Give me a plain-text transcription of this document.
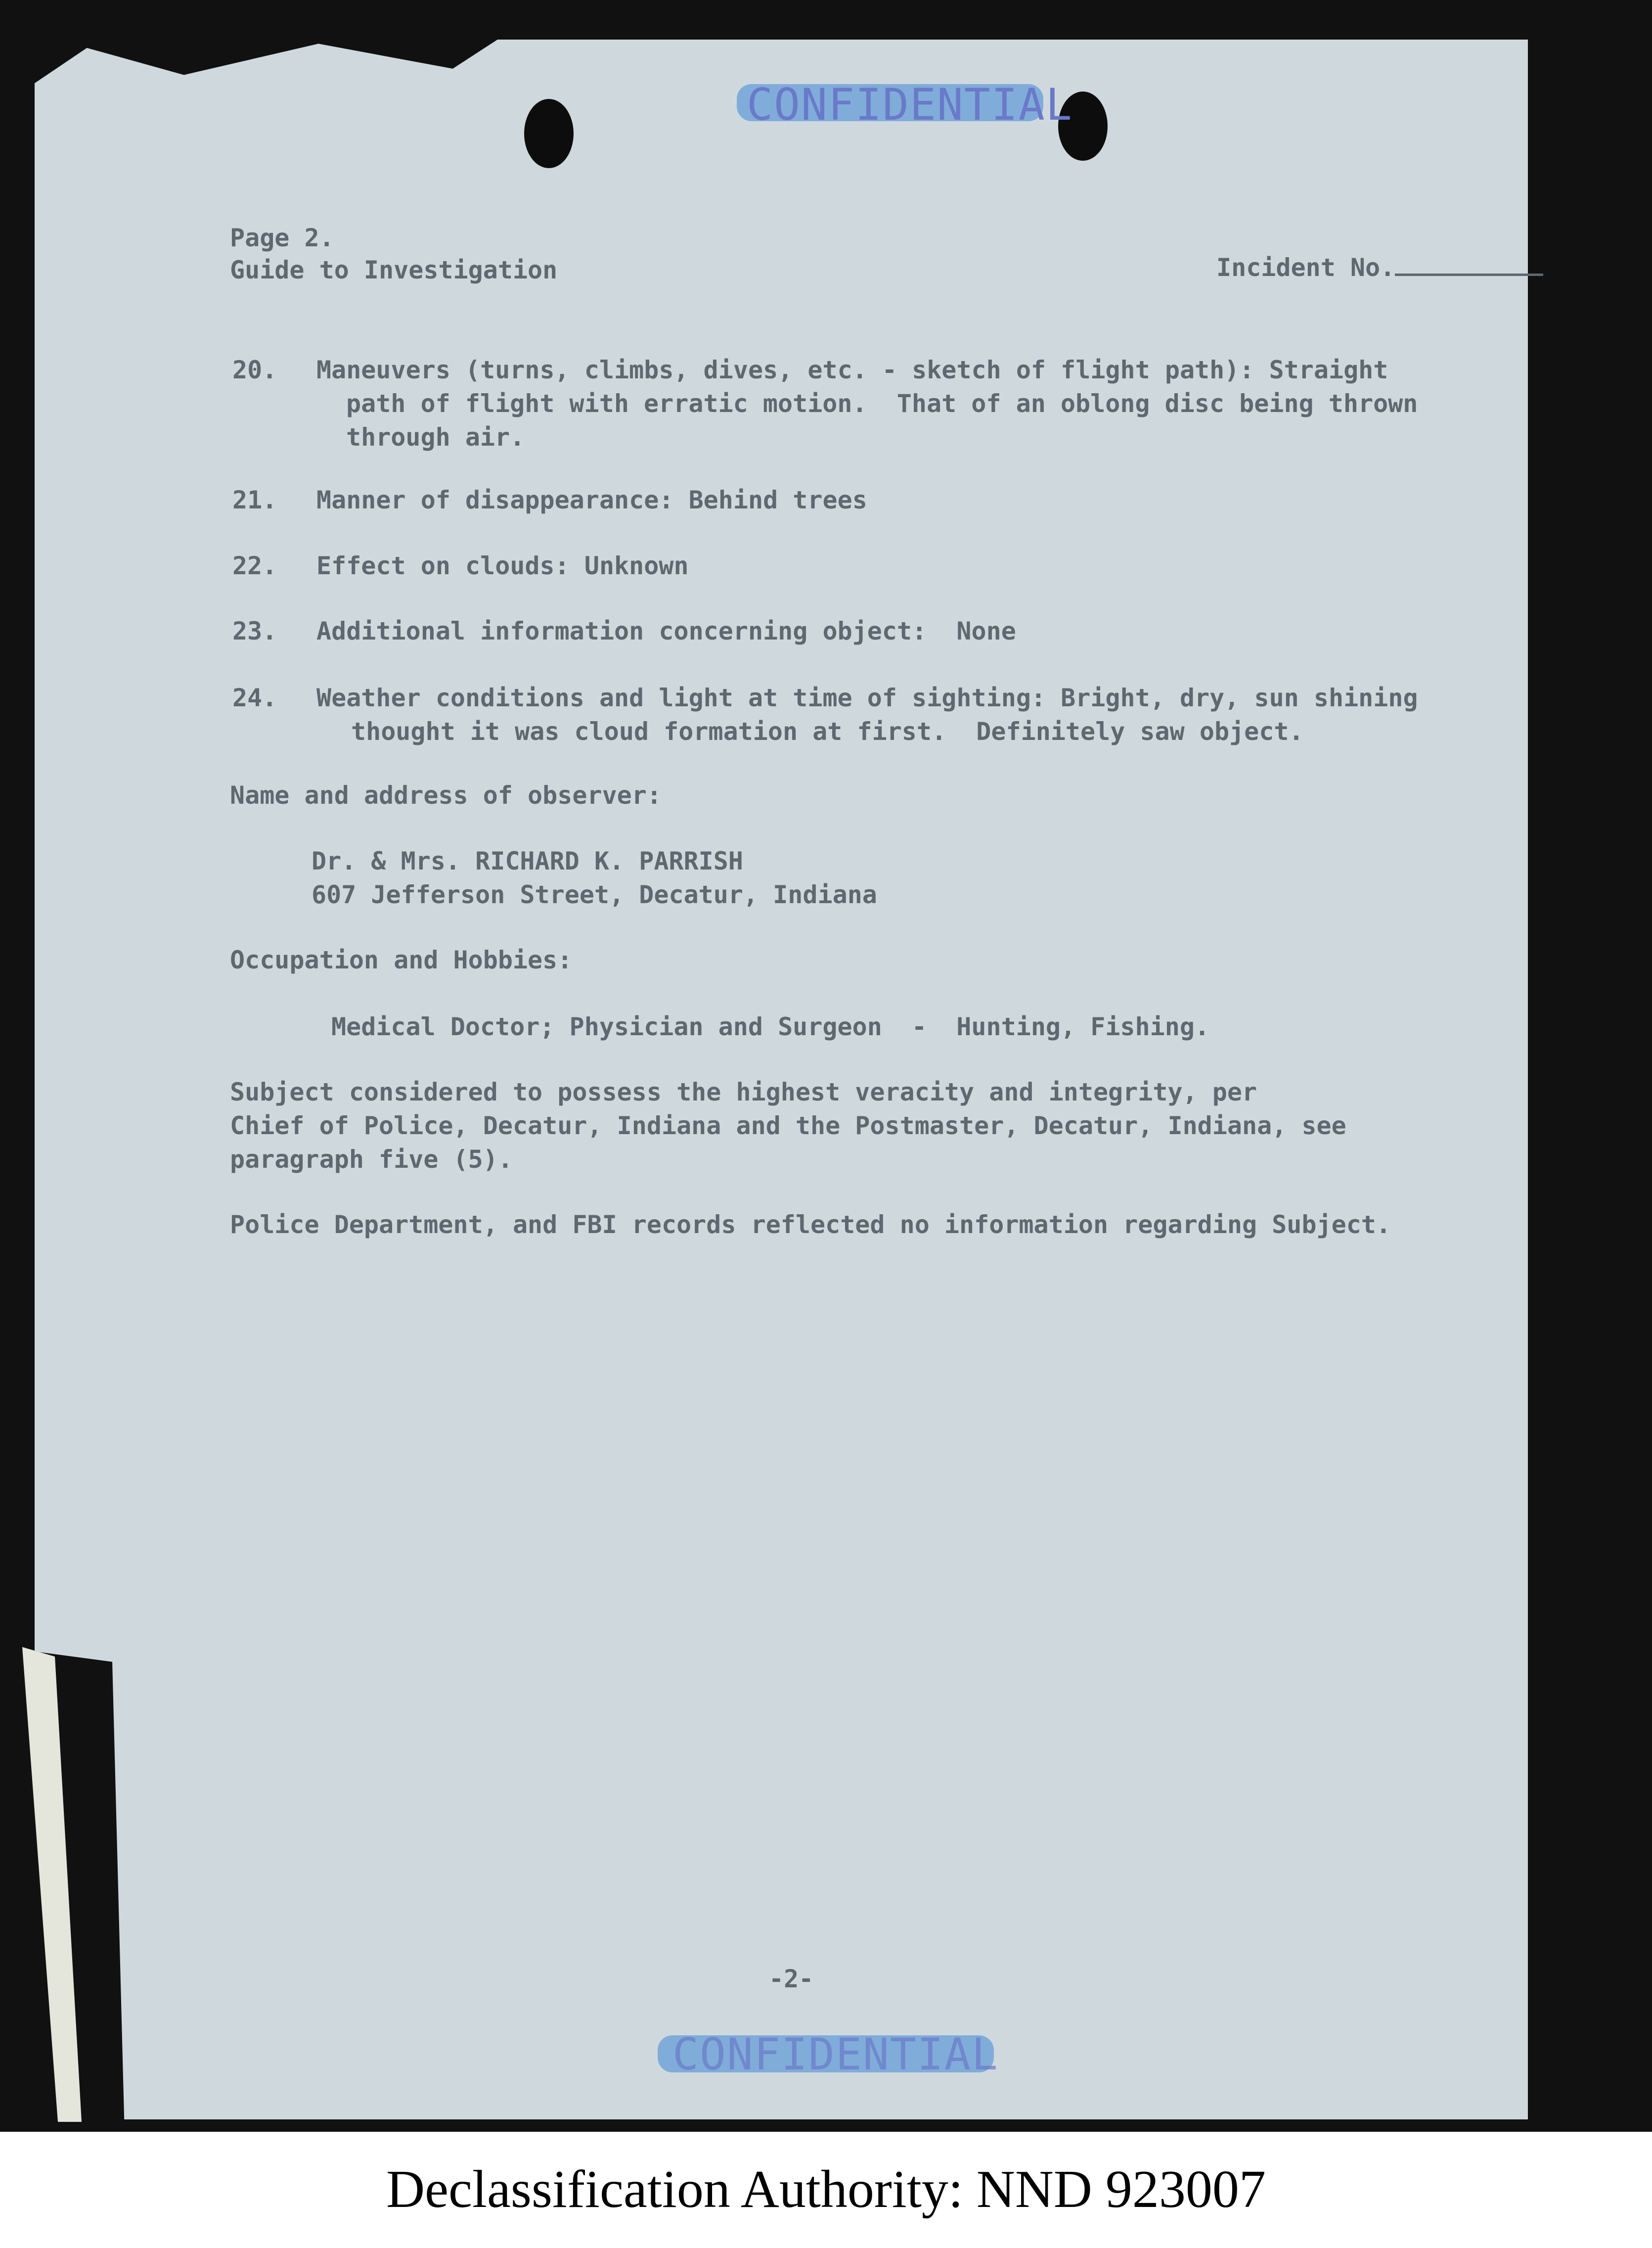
CONFIDENTIAL
Page 2.
Guide to Investigation	Incident No.
20. Maneuvers (turns, climbs, dives, etc. - sketch of flight path): Straight
path of flight with erratic motion.  That of an oblong disc being thrown
through air.
21. Manner of disappearance: Behind trees
22. Effect on clouds: Unknown
23. Additional information concerning object:  None
24. Weather conditions and light at time of sighting: Bright, dry, sun shining
thought it was cloud formation at first.  Definitely saw object.
Name and address of observer:
Dr. & Mrs. RICHARD K. PARRISH
607 Jefferson Street, Decatur, Indiana
Occupation and Hobbies:
Medical Doctor; Physician and Surgeon  -  Hunting, Fishing.
Subject considered to possess the highest veracity and integrity, per
Chief of Police, Decatur, Indiana and the Postmaster, Decatur, Indiana, see
paragraph five (5).
Police Department, and FBI records reflected no information regarding Subject.
-2-
CONFIDENTIAL
Declassification Authority: NND 923007
